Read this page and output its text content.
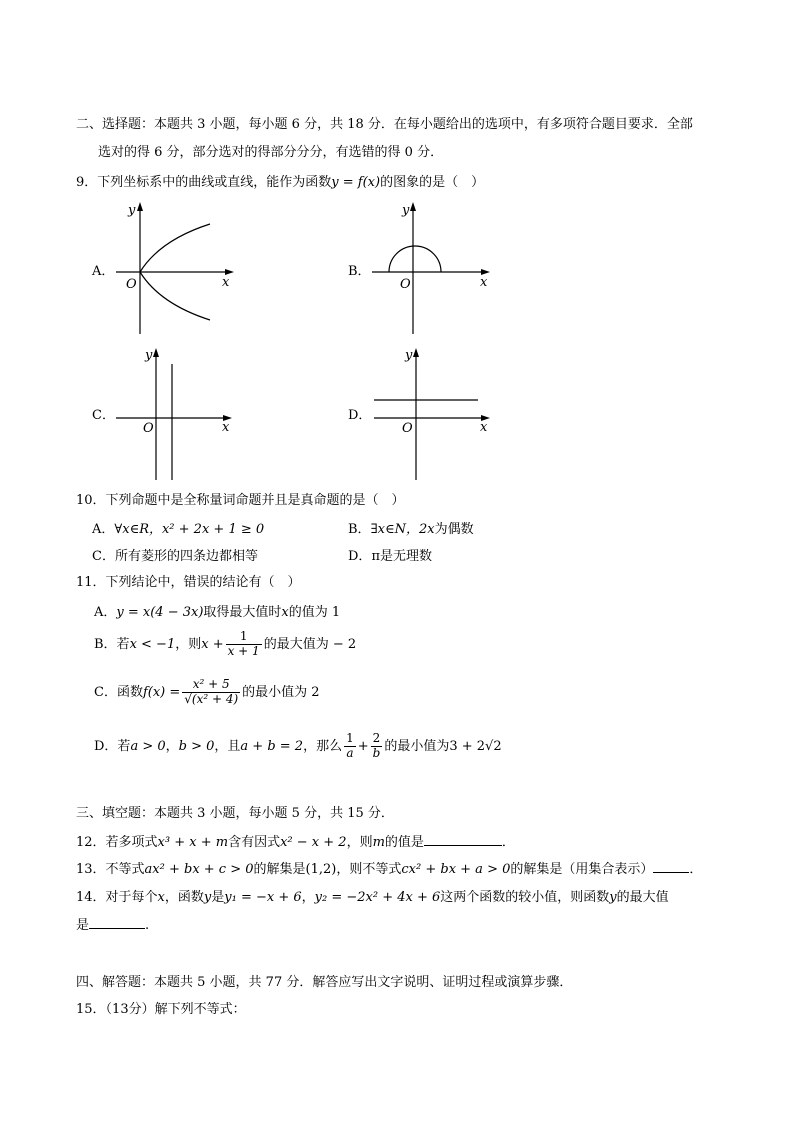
二、选择题：本题共 3 小题，每小题 6 分，共 18 分．在每小题给出的选项中，有多项符合题目要求．全部
选对的得 6 分，部分选对的得部分分分，有选错的得 0 分．
9．下列坐标系中的曲线或直线，能作为函数y = f(x)的图象的是（　）
A．
y
x
O
B．
y
x
O
C．
y
x
O
D．
y
x
O
10．下列命题中是全称量词命题并且是真命题的是（　）
A．∀x∈R，x² + 2x + 1 ≥ 0	B．∃x∈N，2x为偶数
C．所有菱形的四条边都相等	D．π是无理数
11．下列结论中，错误的结论有（　）
A．y = x(4 − 3x)取得最大值时x的值为 1
B．若x < −1，则$x + \frac{1}{x + 1}$ 的最大值为 − 2
C．函数$f(x) = \frac{\text{x² + 5}}{\text{√(x² + 4)}}$ 的最小值为 2
D．若a > 0，b > 0，且a + b = 2，那么 $\frac{1}{a} + \frac{2}{b}$ 的最小值为3 + 2√2
三、填空题：本题共 3 小题，每小题 5 分，共 15 分．
12．若多项式x³ + x + m含有因式x² − x + 2，则m的值是	．
13．不等式ax² + bx + c > 0的解集是(1,2)，则不等式cx² + bx + a > 0的解集是（用集合表示）	．
14．对于每个x，函数y是y₁ = −x + 6，y₂ = −2x² + 4x + 6这两个函数的较小值，则函数y的最大值
是	.
四、解答题：本题共 5 小题，共 77 分．解答应写出文字说明、证明过程或演算步骤．
15．（13分）解下列不等式：
